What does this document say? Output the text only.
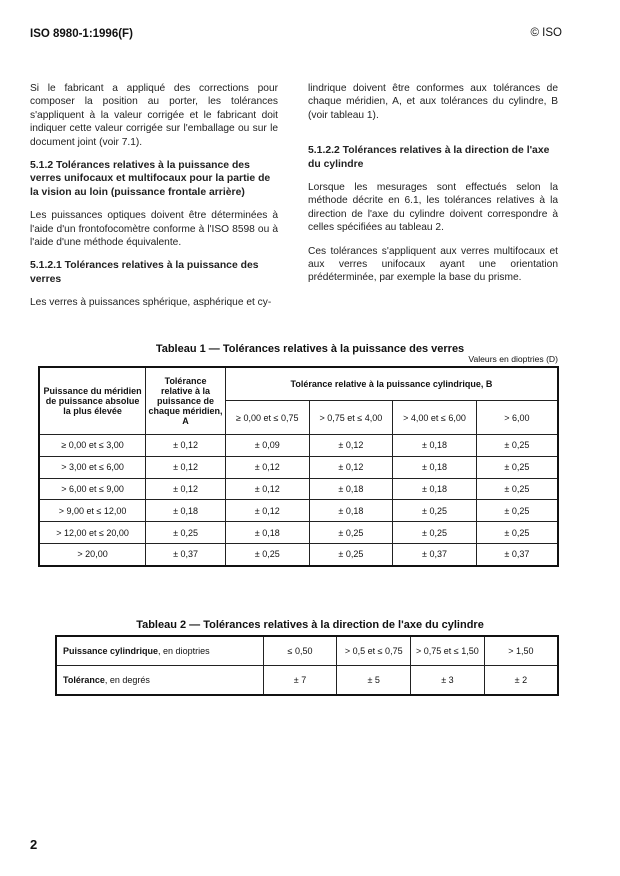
ISO 8980-1:1996(F)	© ISO

Si le fabricant a appliqué des corrections pour composer la position au porter, les tolérances s'appliquent à la valeur corrigée et le fabricant doit indiquer cette valeur corrigée sur l'emballage ou sur le document joint (voir 7.1).

5.1.2 Tolérances relatives à la puissance des verres unifocaux et multifocaux pour la partie de la vision au loin (puissance frontale arrière)

Les puissances optiques doivent être déterminées à l'aide d'un frontofocomètre conforme à l'ISO 8598 ou à l'aide d'une méthode équivalente.

5.1.2.1 Tolérances relatives à la puissance des verres

Les verres à puissances sphérique, asphérique et cy-

lindrique doivent être conformes aux tolérances de chaque méridien, A, et aux tolérances du cylindre, B (voir tableau 1).

5.1.2.2 Tolérances relatives à la direction de l'axe du cylindre

Lorsque les mesurages sont effectués selon la méthode décrite en 6.1, les tolérances relatives à la direction de l'axe du cylindre doivent correspondre à celles spécifiées au tableau 2.

Ces tolérances s'appliquent aux verres multifocaux et aux verres unifocaux ayant une orientation prédéterminée, par exemple la base du prisme.

Tableau 1 — Tolérances relatives à la puissance des verres
Valeurs en dioptries (D)
Puissance du méridien de puissance absolue la plus élevée	Tolérance relative à la puissance de chaque méridien, A	Tolérance relative à la puissance cylindrique, B			
		≥ 0,00 et ≤ 0,75	> 0,75 et ≤ 4,00	> 4,00 et ≤ 6,00	> 6,00
≥ 0,00 et ≤ 3,00	± 0,12	± 0,09	± 0,12	± 0,18	± 0,25
> 3,00 et ≤ 6,00	± 0,12	± 0,12	± 0,12	± 0,18	± 0,25
> 6,00 et ≤ 9,00	± 0,12	± 0,12	± 0,18	± 0,18	± 0,25
> 9,00 et ≤ 12,00	± 0,18	± 0,12	± 0,18	± 0,25	± 0,25
> 12,00 et ≤ 20,00	± 0,25	± 0,18	± 0,25	± 0,25	± 0,25
> 20,00	± 0,37	± 0,25	± 0,25	± 0,37	± 0,37
Tableau 2 — Tolérances relatives à la direction de l'axe du cylindre
Puissance cylindrique, en dioptries	≤ 0,50	> 0,5 et ≤ 0,75	> 0,75 et ≤ 1,50	> 1,50
Tolérance, en degrés	± 7	± 5	± 3	± 2
2
